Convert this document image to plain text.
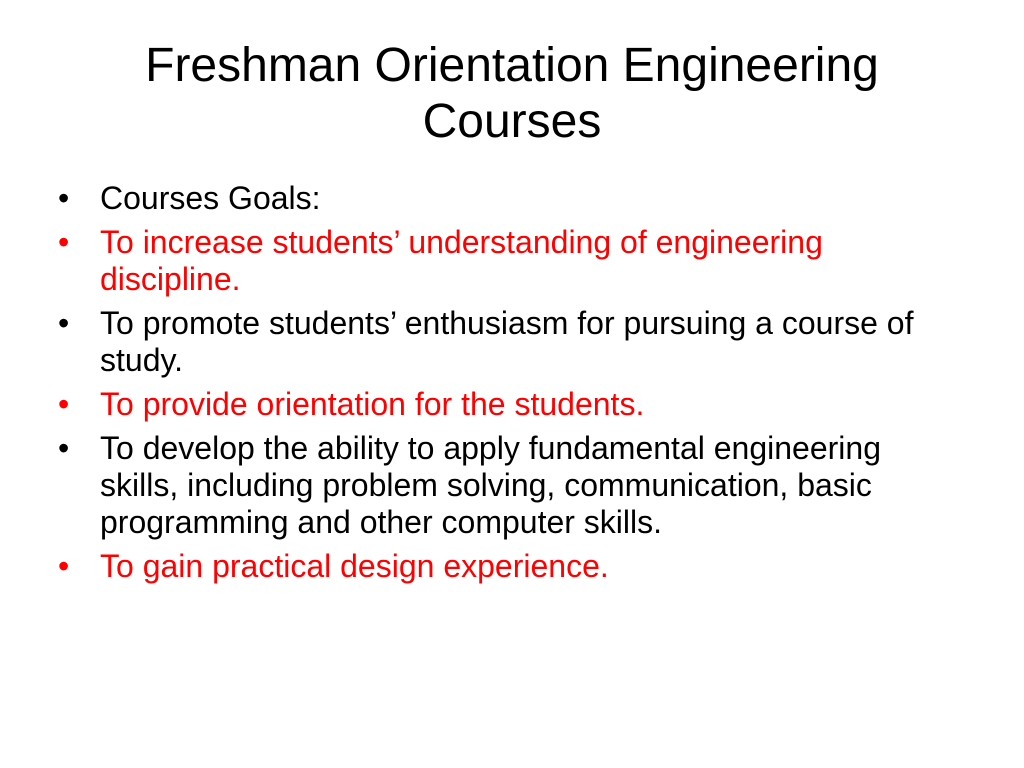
Freshman Orientation Engineering
Courses
• Courses Goals:
• To increase students’ understanding of engineering discipline.
• To promote students’ enthusiasm for pursuing a course of study.
• To provide orientation for the students.
• To develop the ability to apply fundamental engineering skills, including problem solving, communication, basic programming and other computer skills.
• To gain practical design experience.
